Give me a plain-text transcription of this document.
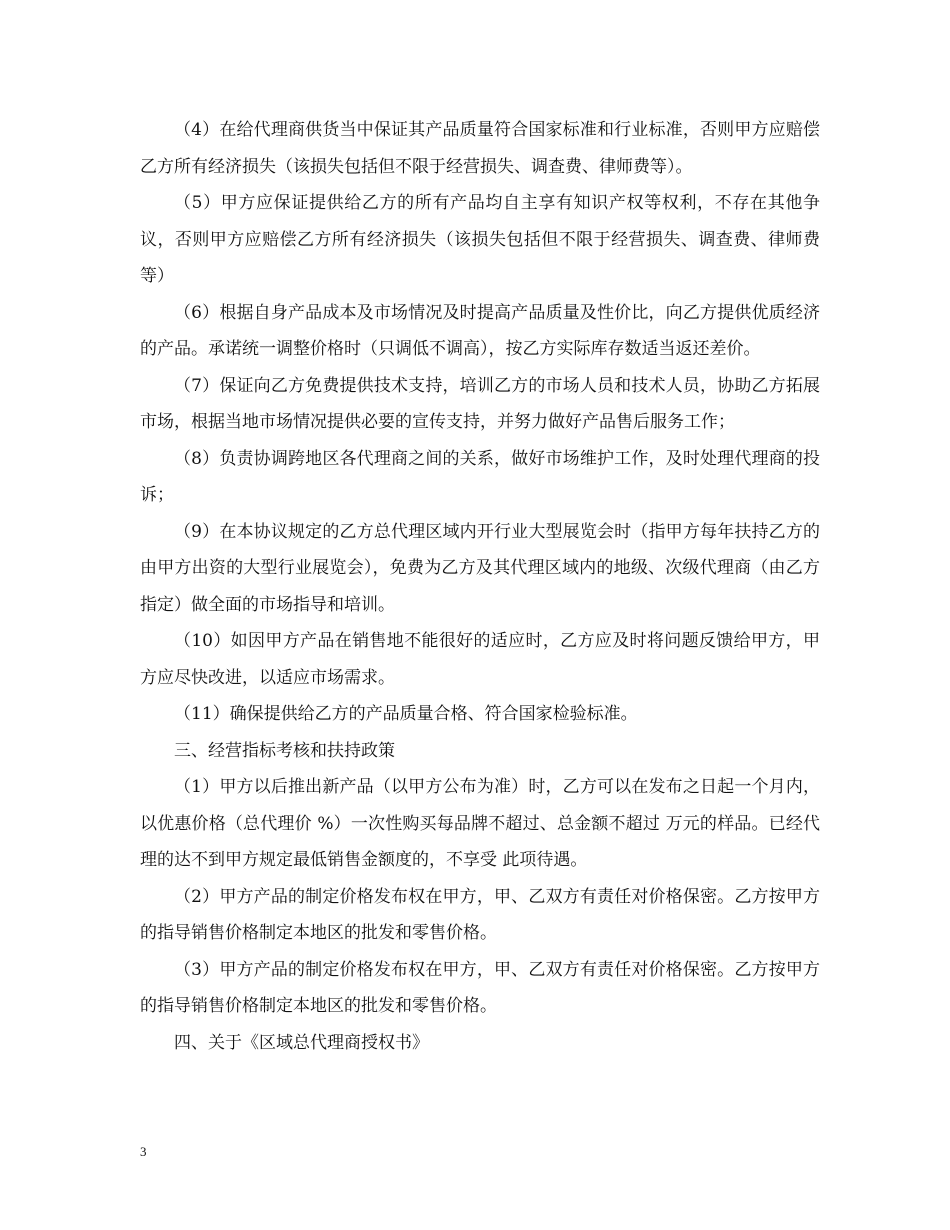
（4）在给代理商供货当中保证其产品质量符合国家标准和行业标准，否则甲方应赔偿乙方所有经济损失（该损失包括但不限于经营损失、调查费、律师费等）。

（5）甲方应保证提供给乙方的所有产品均自主享有知识产权等权利，不存在其他争议，否则甲方应赔偿乙方所有经济损失（该损失包括但不限于经营损失、调查费、律师费等）

（6）根据自身产品成本及市场情况及时提高产品质量及性价比，向乙方提供优质经济的产品。承诺统一调整价格时（只调低不调高），按乙方实际库存数适当返还差价。

（7）保证向乙方免费提供技术支持，培训乙方的市场人员和技术人员，协助乙方拓展市场，根据当地市场情况提供必要的宣传支持，并努力做好产品售后服务工作；

（8）负责协调跨地区各代理商之间的关系，做好市场维护工作，及时处理代理商的投诉；

（9）在本协议规定的乙方总代理区域内开行业大型展览会时（指甲方每年扶持乙方的由甲方出资的大型行业展览会），免费为乙方及其代理区域内的地级、次级代理商（由乙方指定）做全面的市场指导和培训。

（10）如因甲方产品在销售地不能很好的适应时，乙方应及时将问题反馈给甲方，甲方应尽快改进，以适应市场需求。

（11）确保提供给乙方的产品质量合格、符合国家检验标准。

三、经营指标考核和扶持政策

（1）甲方以后推出新产品（以甲方公布为准）时，乙方可以在发布之日起一个月内，以优惠价格（总代理价 %）一次性购买每品牌不超过、总金额不超过 万元的样品。已经代理的达不到甲方规定最低销售金额度的，不享受 此项待遇。

（2）甲方产品的制定价格发布权在甲方，甲、乙双方有责任对价格保密。乙方按甲方的指导销售价格制定本地区的批发和零售价格。

（3）甲方产品的制定价格发布权在甲方，甲、乙双方有责任对价格保密。乙方按甲方的指导销售价格制定本地区的批发和零售价格。

四、关于《区域总代理商授权书》

3
